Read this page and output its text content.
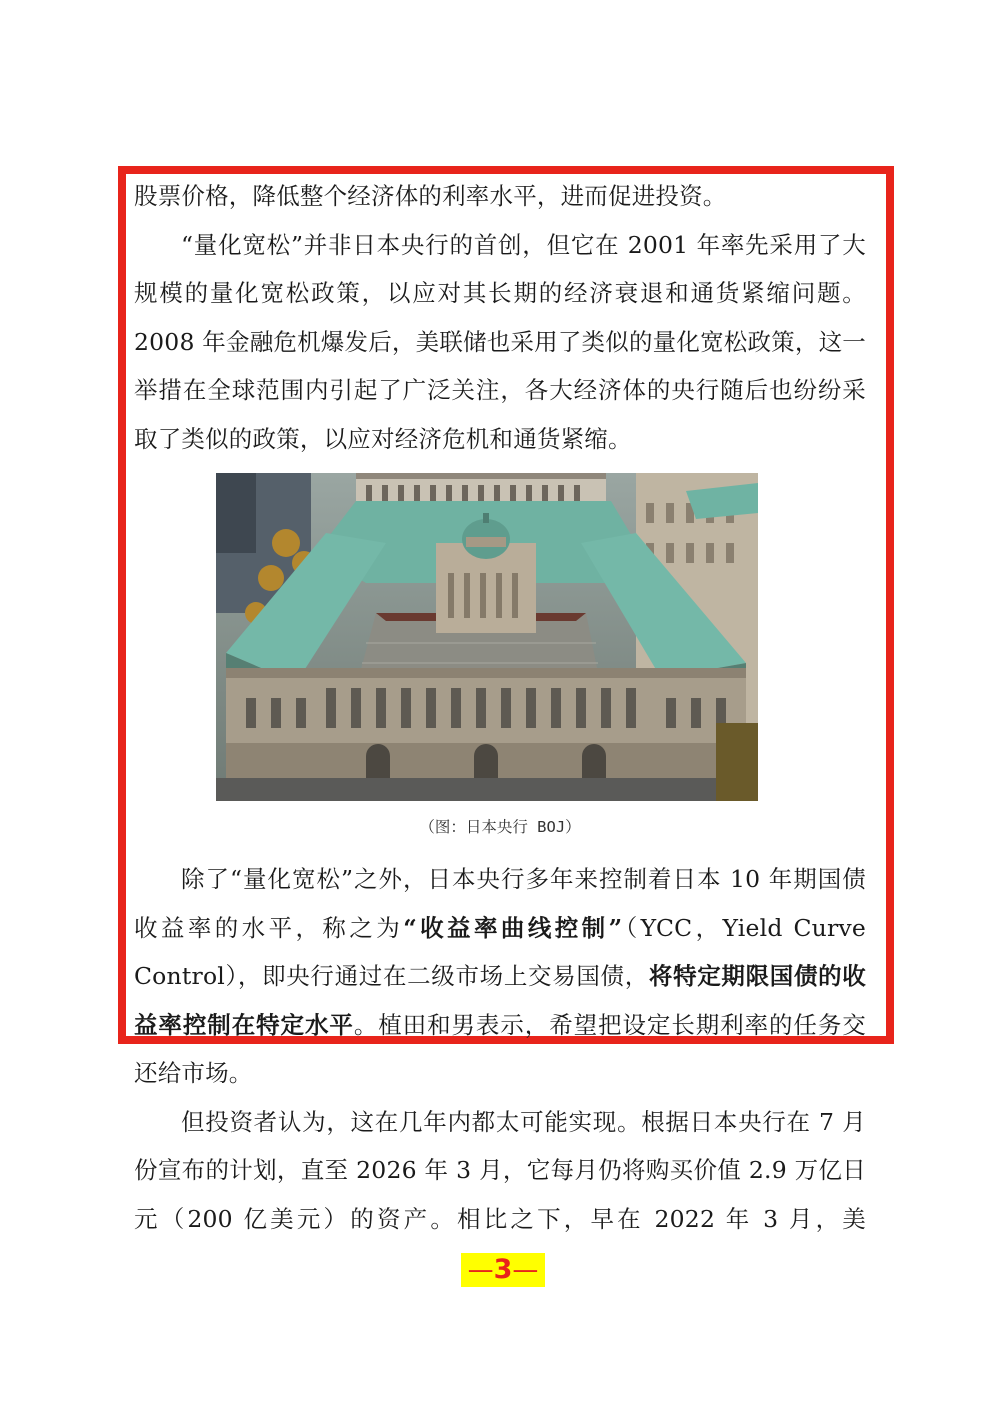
股票价格，降低整个经济体的利率水平，进而促进投资。

“量化宽松”并非日本央行的首创，但它在 2001 年率先采用了大规模的量化宽松政策，以应对其长期的经济衰退和通货紧缩问题。2008 年金融危机爆发后，美联储也采用了类似的量化宽松政策，这一举措在全球范围内引起了广泛关注，各大经济体的央行随后也纷纷采取了类似的政策，以应对经济危机和通货紧缩。

（图：日本央行 BOJ）

除了“量化宽松”之外，日本央行多年来控制着日本 10 年期国债收益率的水平，称之为“收益率曲线控制”（YCC，Yield Curve Control），即央行通过在二级市场上交易国债，将特定期限国债的收益率控制在特定水平。植田和男表示，希望把设定长期利率的任务交还给市场。

但投资者认为，这在几年内都太可能实现。根据日本央行在 7 月份宣布的计划，直至 2026 年 3 月，它每月仍将购买价值 2.9 万亿日元（200 亿美元）的资产。相比之下，早在 2022 年 3 月，美

—3—
